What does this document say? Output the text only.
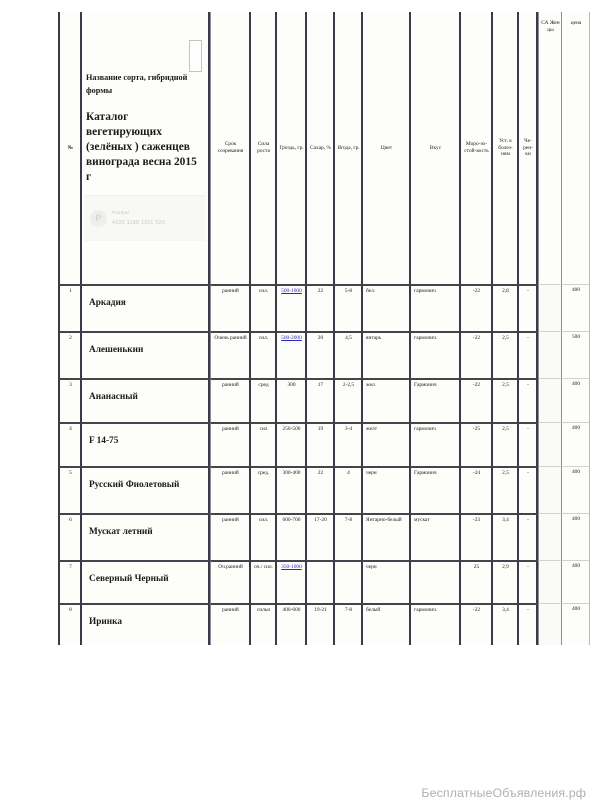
№	Название сорта, гибридной формы
Каталог вегетирующих (зелёных ) саженцев винограда весна 2015 г
P Postbar
4100 1189 1311 920	Срок созревания	Сила роста	Гроздь, гр.	Сахар, %	Ягода, гр.	Цвет	Вкус	Моро-зо-стой-кость	Уст. к болез-ням	Че-рен-ки	СА Жен цы	цена
1	Аркадия	ранний	сил.	500-1000	22	5-8	бел.	гармонич	-22	2,8	-		400
2	Алешенькин	Очень ранний	сил.	500-2000	20	4,5	янтарь	гармонич.	-22	2,5	-		500
3	Ананасный	ранний	сред	300	17	2-2,5	жел.	Гармонич	-22	2,5	-		400
4	F 14-75	ранний	сил	250-500	19	3-4	желт	гармонич	-25	2,5	-		400
5	Русский Фиолетовый	ранний	сред.	300-400	22	4	черн	Гармонич	-24	2,5	-		400
6	Мускат летний	ранний	сил.	600-700	17-20	7-8	Янтарно-белый	мускат	-23	3,4	-		400
7	Северный Черный	Оч.ранний	оч./ сил.	350-1000			черн		25	2,9	-		400
8	Иринка	ранний	сильн	400-600	19-21	7-8	белый	гармонич.	-22	3,4	-		400
БесплатныеОбъявления.рф
